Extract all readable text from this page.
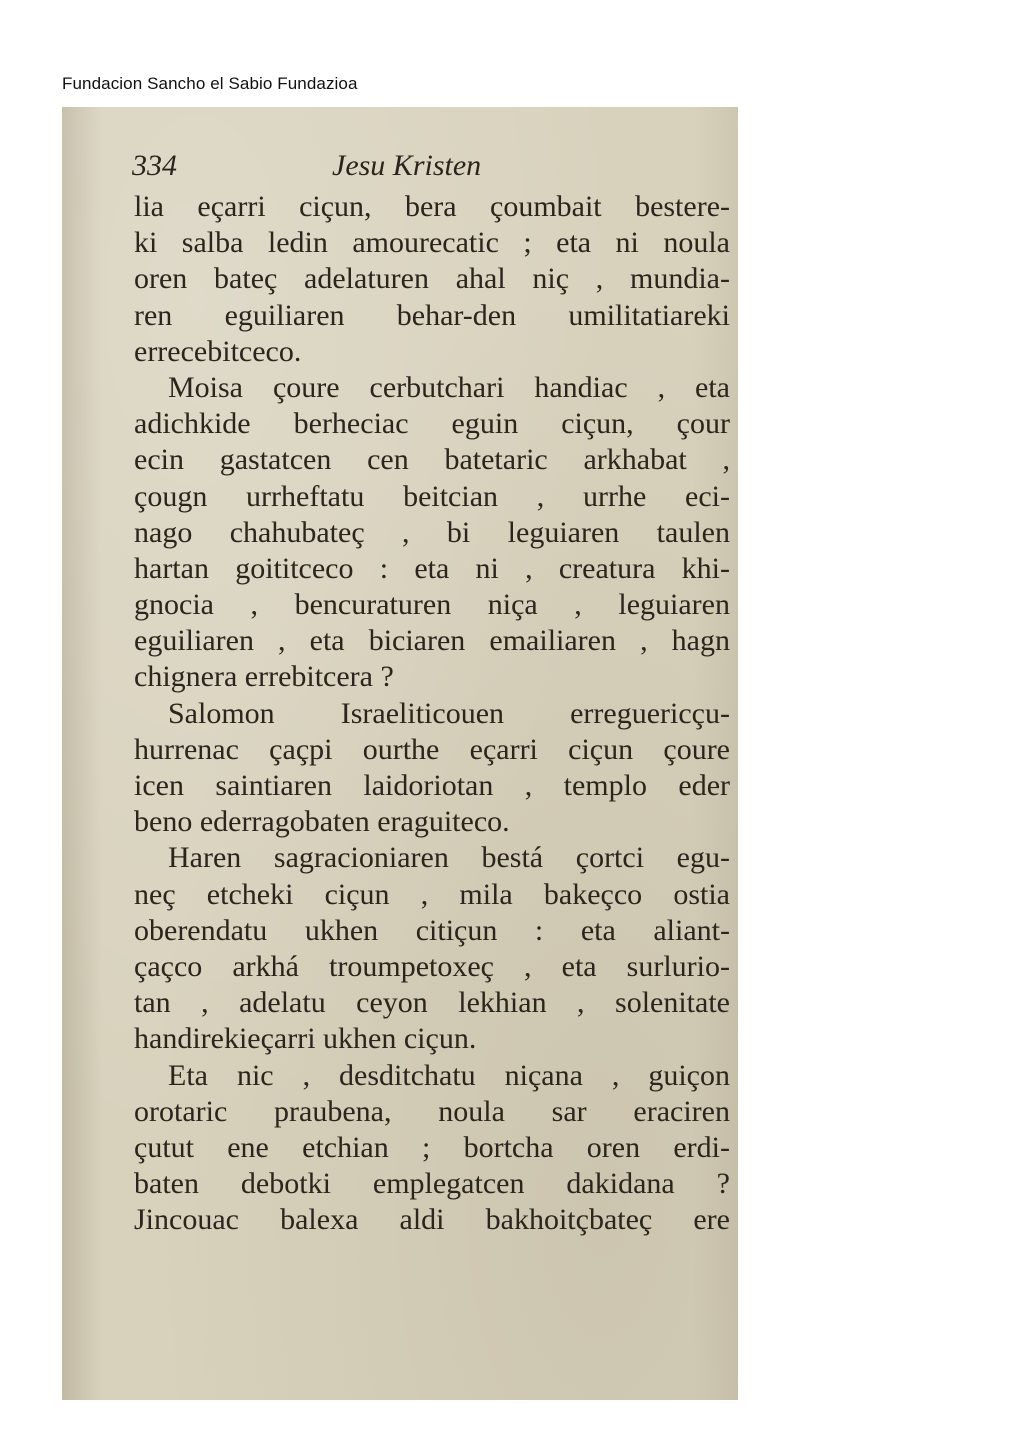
Fundacion Sancho el Sabio Fundazioa
334	Jesu Kristen
lia eçarri ciçun, bera çoumbait bestere-
ki salba ledin amourecatic ; eta ni noula
oren bateç adelaturen ahal niç , mundia-
ren eguiliaren behar-den umilitatiareki
errecebitceco.
Moisa çoure cerbutchari handiac , eta
adichkide berheciac eguin ciçun, çour
ecin gastatcen cen batetaric arkhabat ,
çougn urrheftatu beitcian , urrhe eci-
nago chahubateç , bi leguiaren taulen
hartan goititceco : eta ni , creatura khi-
gnocia , bencuraturen niça , leguiaren
eguiliaren , eta biciaren emailiaren , hagn
chignera errebitcera ?
Salomon Israeliticouen erreguericçu-
hurrenac çaçpi ourthe eçarri ciçun çoure
icen saintiaren laidoriotan , templo eder
beno ederragobaten eraguiteco.
Haren sagracioniaren bestá çortci egu-
neç etcheki ciçun , mila bakeçco ostia
oberendatu ukhen citiçun : eta aliant-
çaçco arkhá troumpetoxeç , eta surlurio-
tan , adelatu ceyon lekhian , solenitate
handirekieçarri ukhen ciçun.
Eta nic , desditchatu niçana , guiçon
orotaric praubena, noula sar eraciren
çutut ene etchian ; bortcha oren erdi-
baten debotki emplegatcen dakidana ?
Jincouac balexa aldi bakhoitçbateç ere
